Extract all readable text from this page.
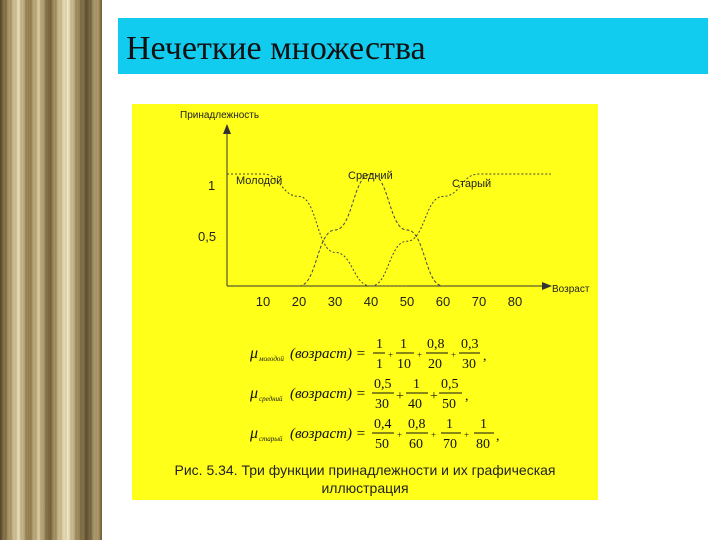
Нечеткие множества
Принадлежность
Возраст
1
0,5
10 20 30 40 50 60 70 80
Молодой	Средний
Старый
μ молодой (возраст) =
1
1
+
1
10
+
0,8
20
+
0,3
30
,
μ средний (возраст) =
0,5
30
+
1
40
+
0,5
50
,
μ старый (возраст) =
0,4
50
+
0,8
60
+
1
70
+
1
80
,
Рис. 5.34. Три функции принадлежности и их графическая
иллюстрация
